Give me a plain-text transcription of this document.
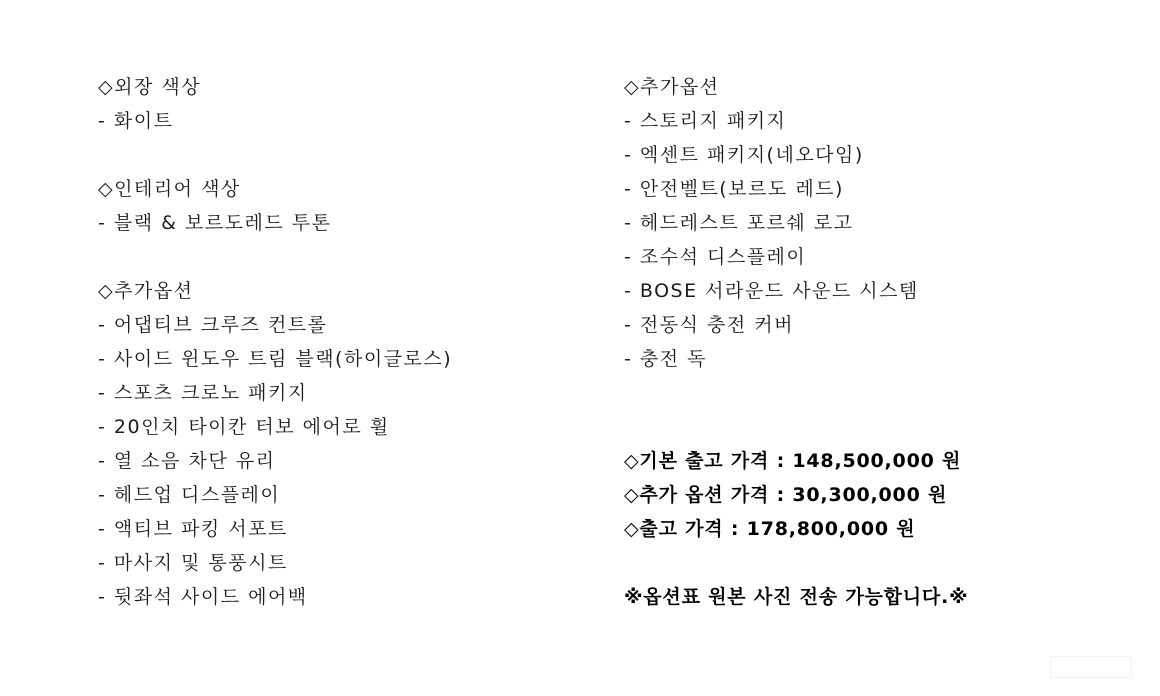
◇외장 색상
- 화이트
◇인테리어 색상
- 블랙 & 보르도레드 투톤
◇추가옵션
- 어댑티브 크루즈 컨트롤
- 사이드 윈도우 트림 블랙(하이글로스)
- 스포츠 크로노 패키지
- 20인치 타이칸 터보 에어로 휠
- 열 소음 차단 유리
- 헤드업 디스플레이
- 액티브 파킹 서포트
- 마사지 및 통풍시트
- 뒷좌석 사이드 에어백
◇추가옵션
- 스토리지 패키지
- 엑센트 패키지(네오다임)
- 안전벨트(보르도 레드)
- 헤드레스트 포르쉐 로고
- 조수석 디스플레이
- BOSE 서라운드 사운드 시스템
- 전동식 충전 커버
- 충전 독
◇기본 출고 가격 : 148,500,000 원
◇추가 옵션 가격 : 30,300,000 원
◇출고 가격 : 178,800,000 원
※옵션표 원본 사진 전송 가능합니다.※
